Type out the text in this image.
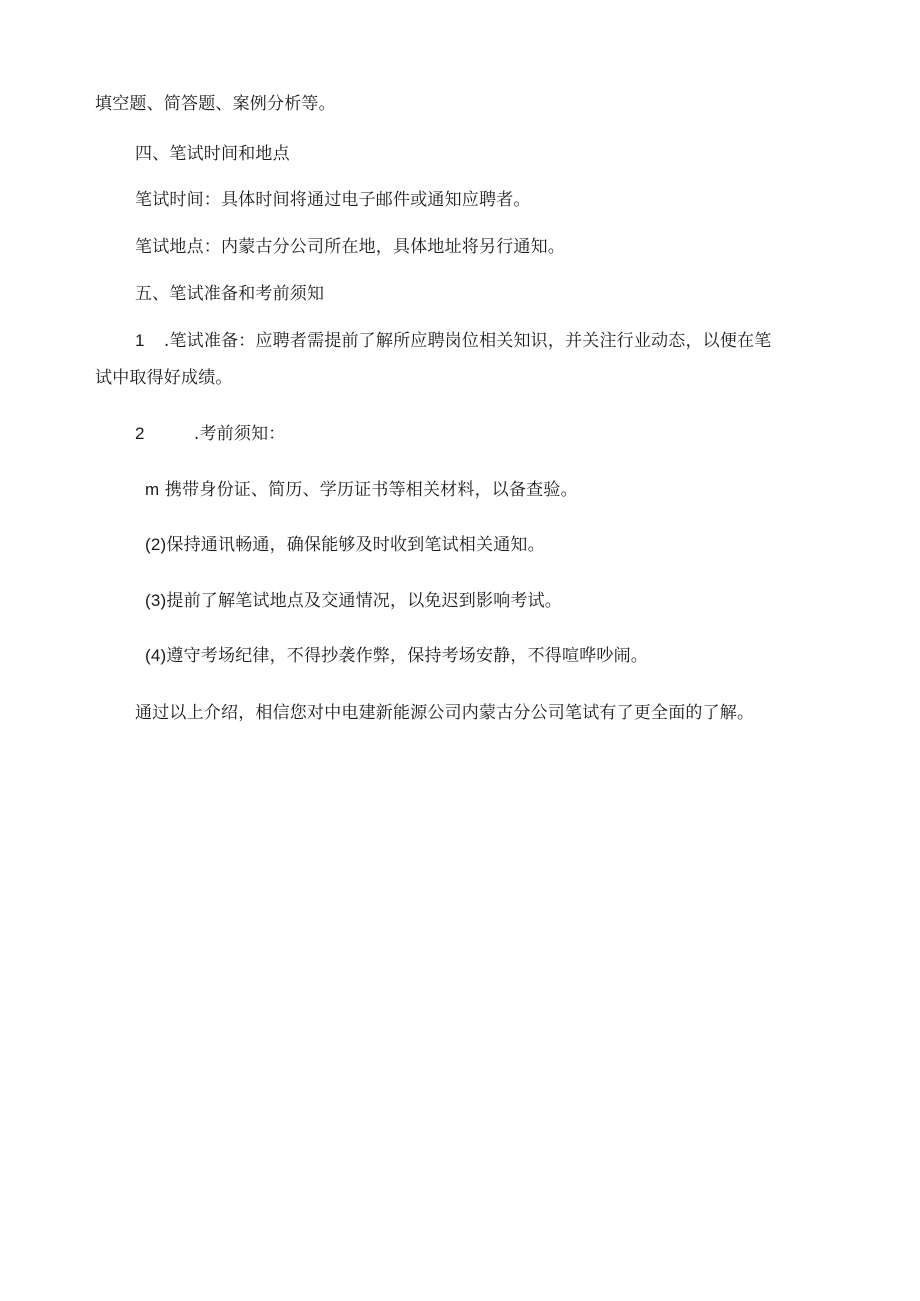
填空题、简答题、案例分析等。
四、笔试时间和地点
笔试时间：具体时间将通过电子邮件或通知应聘者。
笔试地点：内蒙古分公司所在地，具体地址将另行通知。
五、笔试准备和考前须知
1 .笔试准备：应聘者需提前了解所应聘岗位相关知识，并关注行业动态，以便在笔
试中取得好成绩。
2	.考前须知：
m 携带身份证、简历、学历证书等相关材料，以备查验。
(2)保持通讯畅通，确保能够及时收到笔试相关通知。
(3)提前了解笔试地点及交通情况，以免迟到影响考试。
(4)遵守考场纪律，不得抄袭作弊，保持考场安静，不得喧哗吵闹。
通过以上介绍，相信您对中电建新能源公司内蒙古分公司笔试有了更全面的了解。
